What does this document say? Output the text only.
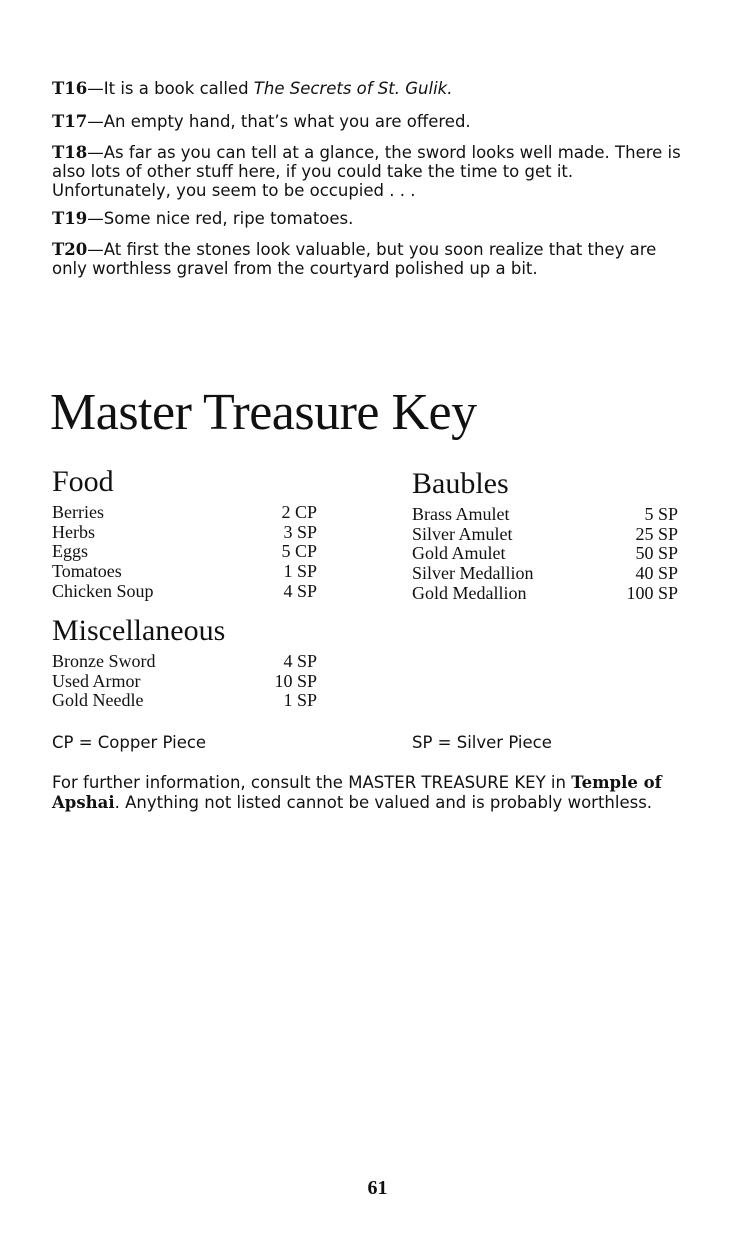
T16—It is a book called The Secrets of St. Gulik.

T17—An empty hand, that’s what you are offered.

T18—As far as you can tell at a glance, the sword looks well made. There is also lots of other stuff here, if you could take the time to get it. Unfortunately, you seem to be occupied . . .

T19—Some nice red, ripe tomatoes.

T20—At first the stones look valuable, but you soon realize that they are only worthless gravel from the courtyard polished up a bit.

Master Treasure Key
Food
Berries	2 CP
Herbs	3 SP
Eggs	5 CP
Tomatoes	1 SP
Chicken Soup	4 SP
Baubles
Brass Amulet	5 SP
Silver Amulet	25 SP
Gold Amulet	50 SP
Silver Medallion	40 SP
Gold Medallion	100 SP
Miscellaneous
Bronze Sword	4 SP
Used Armor	10 SP
Gold Needle	1 SP
CP = Copper Piece	SP = Silver Piece

For further information, consult the MASTER TREASURE KEY in Temple of Apshai. Anything not listed cannot be valued and is probably worthless.

61
